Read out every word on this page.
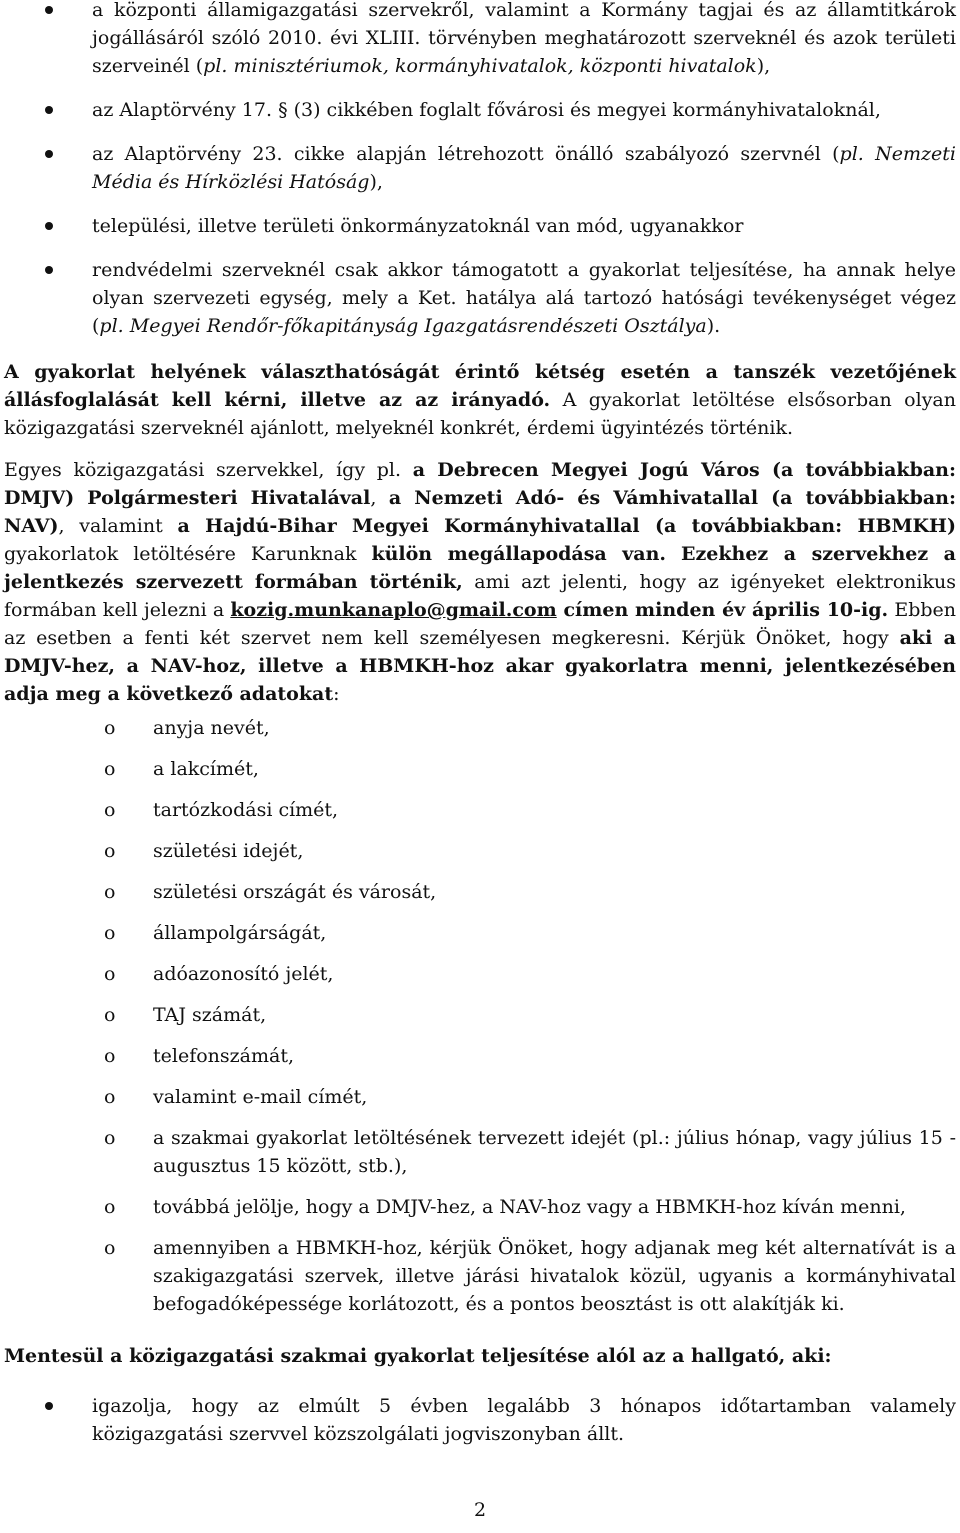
a központi államigazgatási szervekről, valamint a Kormány tagjai és az államtitkárok jogállásáról szóló 2010. évi XLIII. törvényben meghatározott szerveknél és azok területi szerveinél (pl. minisztériumok, kormányhivatalok, központi hivatalok),
az Alaptörvény 17. § (3) cikkében foglalt fővárosi és megyei kormányhivataloknál,
az Alaptörvény 23. cikke alapján létrehozott önálló szabályozó szervnél (pl. Nemzeti Média és Hírközlési Hatóság),
települési, illetve területi önkormányzatoknál van mód, ugyanakkor
rendvédelmi szerveknél csak akkor támogatott a gyakorlat teljesítése, ha annak helye olyan szervezeti egység, mely a Ket. hatálya alá tartozó hatósági tevékenységet végez (pl. Megyei Rendőr-főkapitányság Igazgatásrendészeti Osztálya).

A gyakorlat helyének választhatóságát érintő kétség esetén a tanszék vezetőjének állásfoglalását kell kérni, illetve az az irányadó. A gyakorlat letöltése elsősorban olyan közigazgatási szerveknél ajánlott, melyeknél konkrét, érdemi ügyintézés történik.

Egyes közigazgatási szervekkel, így pl. a Debrecen Megyei Jogú Város (a továbbiakban: DMJV) Polgármesteri Hivatalával, a Nemzeti Adó- és Vámhivatallal (a továbbiakban: NAV), valamint a Hajdú-Bihar Megyei Kormányhivatallal (a továbbiakban: HBMKH) gyakorlatok letöltésére Karunknak külön megállapodása van. Ezekhez a szervekhez a jelentkezés szervezett formában történik, ami azt jelenti, hogy az igényeket elektronikus formában kell jelezni a kozig.munkanaplo@gmail.com címen minden év április 10-ig. Ebben az esetben a fenti két szervet nem kell személyesen megkeresni. Kérjük Önöket, hogy aki a DMJV-hez, a NAV-hoz, illetve a HBMKH-hoz akar gyakorlatra menni, jelentkezésében adja meg a következő adatokat:

o anyja nevét,
o a lakcímét,
o tartózkodási címét,
o születési idejét,
o születési országát és városát,
o állampolgárságát,
o adóazonosító jelét,
o TAJ számát,
o telefonszámát,
o valamint e-mail címét,
o a szakmai gyakorlat letöltésének tervezett idejét (pl.: július hónap, vagy július 15 - augusztus 15 között, stb.),
o továbbá jelölje, hogy a DMJV-hez, a NAV-hoz vagy a HBMKH-hoz kíván menni,
o amennyiben a HBMKH-hoz, kérjük Önöket, hogy adjanak meg két alternatívát is a szakigazgatási szervek, illetve járási hivatalok közül, ugyanis a kormányhivatal befogadóképessége korlátozott, és a pontos beosztást is ott alakítják ki.

Mentesül a közigazgatási szakmai gyakorlat teljesítése alól az a hallgató, aki:

igazolja, hogy az elmúlt 5 évben legalább 3 hónapos időtartamban valamely közigazgatási szervvel közszolgálati jogviszonyban állt.
2
